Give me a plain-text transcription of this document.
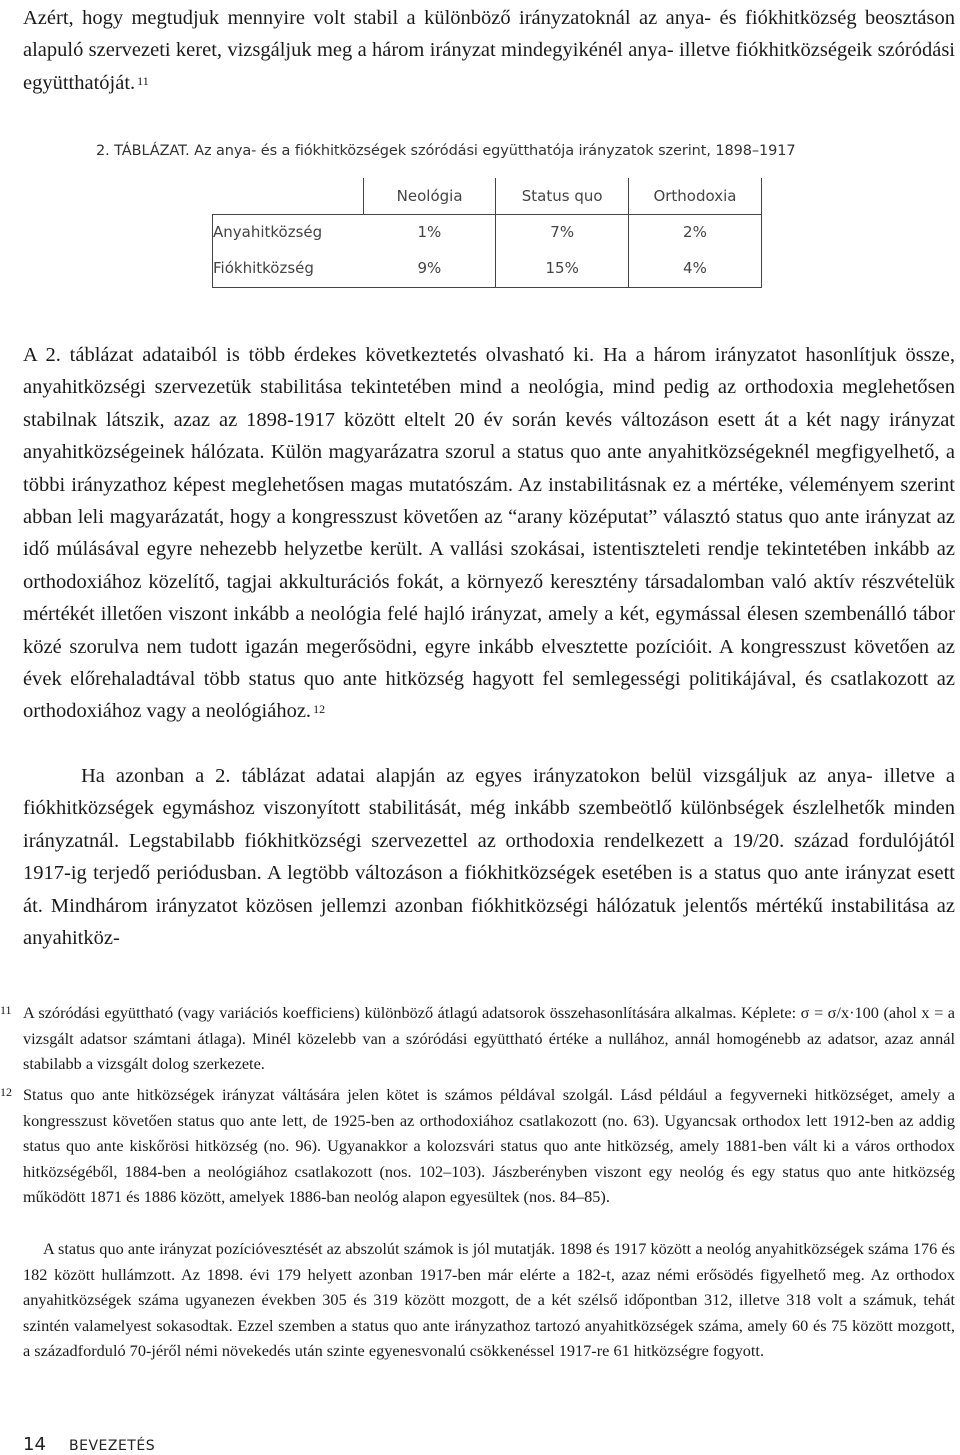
Azért, hogy megtudjuk mennyire volt stabil a különböző irányzatoknál az anya- és fiókhitközség beosztáson alapuló szervezeti keret, vizsgáljuk meg a három irányzat mindegyikénél anya- illetve fiókhitközségeik szóródási együtthatóját. $^{11}$

2. TÁBLÁZAT. Az anya- és a fiókhitközségek szóródási együtthatója irányzatok szerint, 1898–1917
	Neológia	Status quo	Orthodoxia
Anyahitközség	1%	7%	2%
Fiókhitközség	9%	15%	4%

A 2. táblázat adataiból is több érdekes következtetés olvasható ki. Ha a három irányzatot hasonlítjuk össze, anyahitközségi szervezetük stabilitása tekintetében mind a neológia, mind pedig az orthodoxia meglehetősen stabilnak látszik, azaz az 1898-1917 között eltelt 20 év során kevés változáson esett át a két nagy irányzat anyahitközségeinek hálózata. Külön magyarázatra szorul a status quo ante anyahitközségeknél megfigyelhető, a többi irányzathoz képest meglehetősen magas mutatószám. Az instabilitásnak ez a mértéke, véleményem szerint abban leli magyarázatát, hogy a kongresszust követően az “arany középutat” választó status quo ante irányzat az idő múlásával egyre nehezebb helyzetbe került. A vallási szokásai, istentiszteleti rendje tekintetében inkább az orthodoxiához közelítő, tagjai akkulturációs fokát, a környező keresztény társadalomban való aktív részvételük mértékét illetően viszont inkább a neológia felé hajló irányzat, amely a két, egymással élesen szembenálló tábor közé szorulva nem tudott igazán megerősödni, egyre inkább elvesztette pozícióit. A kongresszust követően az évek előrehaladtával több status quo ante hitközség hagyott fel semlegességi politikájával, és csatlakozott az orthodoxiához vagy a neológiához. $^{12}$

Ha azonban a 2. táblázat adatai alapján az egyes irányzatokon belül vizsgáljuk az anya- illetve a fiókhitközségek egymáshoz viszonyított stabilitását, még inkább szembeötlő különbségek észlelhetők minden irányzatnál. Legstabilabb fiókhitközségi szervezettel az orthodoxia rendelkezett a 19/20. század fordulójától 1917-ig terjedő periódusban. A legtöbb változáson a fiókhitközségek esetében is a status quo ante irányzat esett át. Mindhárom irányzatot közösen jellemzi azonban fiókhitközségi hálózatuk jelentős mértékű instabilitása az anyahitköz-

11 A szóródási együttható (vagy variációs koefficiens) különböző átlagú adatsorok összehasonlítására alkalmas. Képlete: σ = σ/x·100 (ahol x = a vizsgált adatsor számtani átlaga). Minél közelebb van a szóródási együttható értéke a nullához, annál homogénebb az adatsor, azaz annál stabilabb a vizsgált dolog szerkezete.
12 Status quo ante hitközségek irányzat váltására jelen kötet is számos példával szolgál. Lásd például a fegyverneki hitközséget, amely a kongresszust követően status quo ante lett, de 1925-ben az orthodoxiához csatlakozott (no. 63). Ugyancsak orthodox lett 1912-ben az addig status quo ante kiskőrösi hitközség (no. 96). Ugyanakkor a kolozsvári status quo ante hitközség, amely 1881-ben vált ki a város orthodox hitközségéből, 1884-ben a neológiához csatlakozott (nos. 102–103). Jászberényben viszont egy neológ és egy status quo ante hitközség működött 1871 és 1886 között, amelyek 1886-ban neológ alapon egyesültek (nos. 84–85).
A status quo ante irányzat pozícióvesztését az abszolút számok is jól mutatják. 1898 és 1917 között a neológ anyahitközségek száma 176 és 182 között hullámzott. Az 1898. évi 179 helyett azonban 1917-ben már elérte a 182-t, azaz némi erősödés figyelhető meg. Az orthodox anyahitközségek száma ugyanezen években 305 és 319 között mozgott, de a két szélső időpontban 312, illetve 318 volt a számuk, tehát szintén valamelyest sokasodtak. Ezzel szemben a status quo ante irányzathoz tartozó anyahitközségek száma, amely 60 és 75 között mozgott, a századforduló 70-jéről némi növekedés után szinte egyenesvonalú csökkenéssel 1917-re 61 hitközségre fogyott.
14 BEVEZETÉS
